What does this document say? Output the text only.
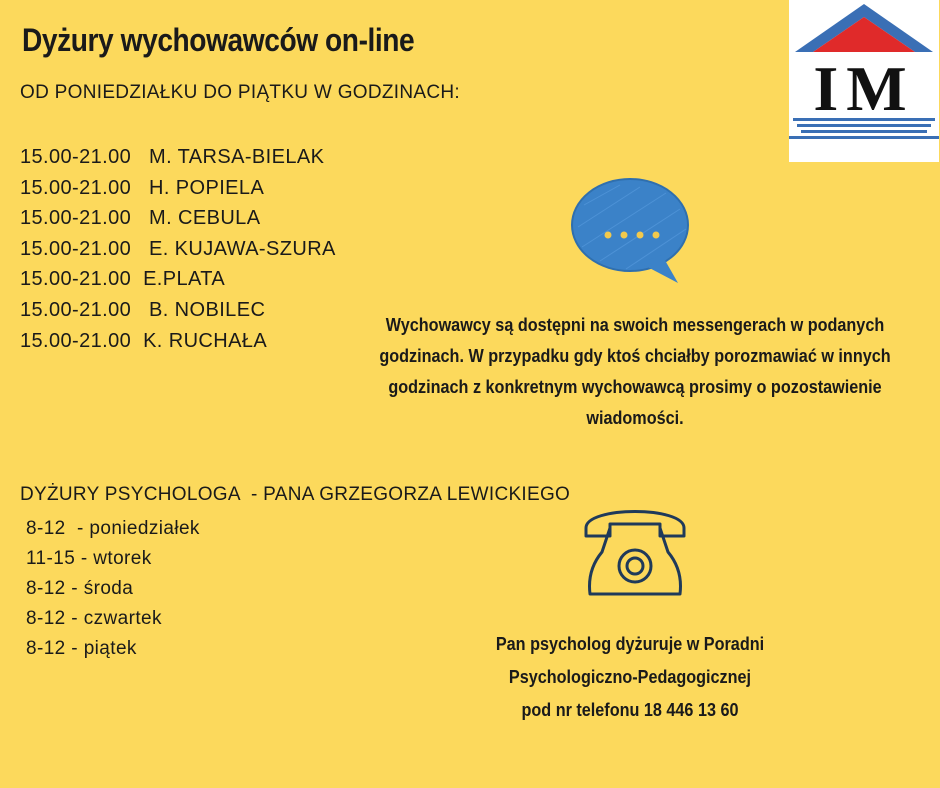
Dyżury wychowawców on-line
OD PONIEDZIAŁKU DO PIĄTKU W GODZINACH:
15.00-21.00   M. TARSA-BIELAK
15.00-21.00   H. POPIELA
15.00-21.00   M. CEBULA
15.00-21.00   E. KUJAWA-SZURA
15.00-21.00  E.PLATA
15.00-21.00   B. NOBILEC
15.00-21.00  K. RUCHAŁA
IM
Wychowawcy są dostępni na swoich messengerach w podanych
godzinach. W przypadku gdy ktoś chciałby porozmawiać w innych
godzinach z konkretnym wychowawcą prosimy o pozostawienie
wiadomości.
DYŻURY PSYCHOLOGA  - PANA GRZEGORZA LEWICKIEGO
8-12  - poniedziałek
11-15 - wtorek
8-12 - środa
8-12 - czwartek
8-12 - piątek	Pan psycholog dyżuruje w Poradni
Psychologiczno-Pedagogicznej
pod nr telefonu 18 446 13 60
